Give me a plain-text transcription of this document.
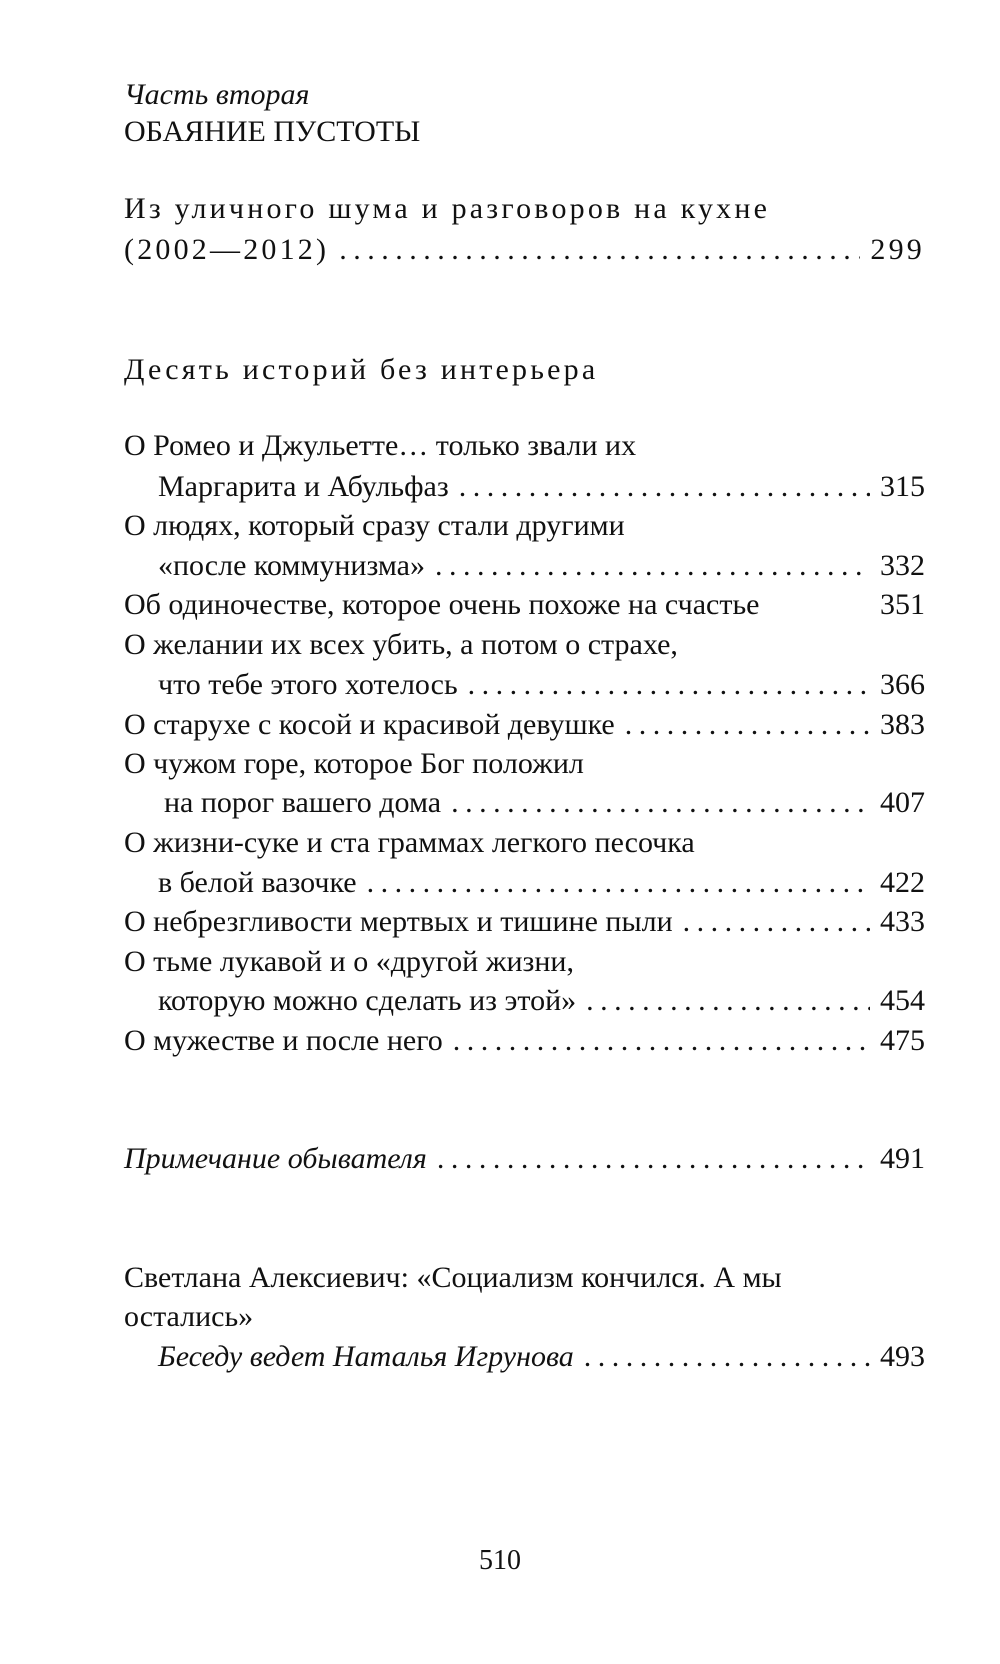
Часть вторая
ОБАЯНИЕ ПУСТОТЫ
Из уличного шума и разговоров на кухне
(2002—2012) . . .	299
Десять историй без интерьера
О Ромео и Джульетте… только звали их
Маргарита и Абульфаз . . .	315
О людях, который сразу стали другими
«после коммунизма» . . .	332
Об одиночестве, которое очень похоже на счастье	351
О желании их всех убить, а потом о страхе,
что тебе этого хотелось . . .	366
О старухе с косой и красивой девушке . . .	383
О чужом горе, которое Бог положил
на порог вашего дома . . .	407
О жизни-суке и ста граммах легкого песочка
в белой вазочке . . .	422
О небрезгливости мертвых и тишине пыли . . .	433
О тьме лукавой и о «другой жизни,
которую можно сделать из этой» . . .	454
О мужестве и после него . . .	475
Примечание обывателя . . .	491
Светлана Алексиевич: «Социализм кончился. А мы
остались»
Беседу ведет Наталья Игрунова . . .	493
510
